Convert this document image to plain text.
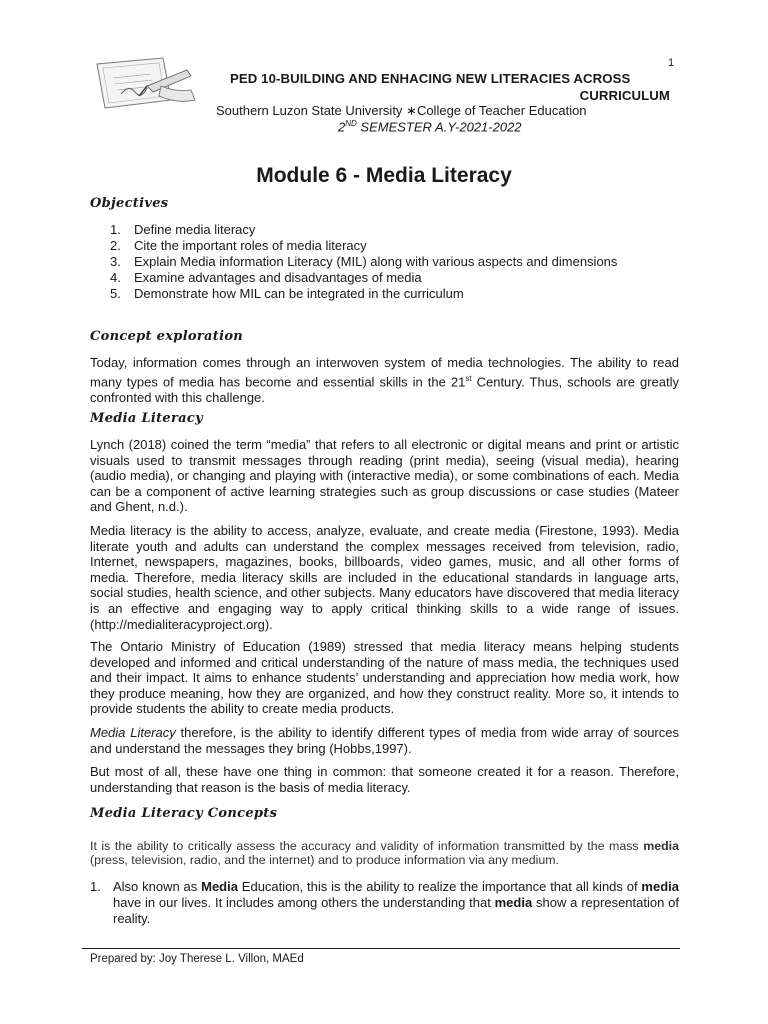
1
PED 10-BUILDING AND ENHACING NEW LITERACIES ACROSS
CURRICULUM
Southern Luzon State University ∗College of Teacher Education
2ND SEMESTER A.Y-2021-2022
Module 6 - Media Literacy
Objectives
1.	Define media literacy
2.	Cite the important roles of media literacy
3.	Explain Media information Literacy (MIL) along with various aspects and dimensions
4.	Examine advantages and disadvantages of media
5.	Demonstrate how MIL can be integrated in the curriculum
Concept exploration

Today, information comes through an interwoven system of media technologies. The ability to read many types of media has become and essential skills in the 21st Century. Thus, schools are greatly confronted with this challenge.

Media Literacy

Lynch (2018) coined the term “media” that refers to all electronic or digital means and print or artistic visuals used to transmit messages through reading (print media), seeing (visual media), hearing (audio media), or changing and playing with (interactive media), or some combinations of each. Media can be a component of active learning strategies such as group discussions or case studies (Mateer and Ghent, n.d.).

Media literacy is the ability to access, analyze, evaluate, and create media (Firestone, 1993). Media literate youth and adults can understand the complex messages received from television, radio, Internet, newspapers, magazines, books, billboards, video games, music, and all other forms of media. Therefore, media literacy skills are included in the educational standards in language arts, social studies, health science, and other subjects. Many educators have discovered that media literacy is an effective and engaging way to apply critical thinking skills to a wide range of issues.(http://medialiteracyproject.org).

The Ontario Ministry of Education (1989) stressed that media literacy means helping students developed and informed and critical understanding of the nature of mass media, the techniques used and their impact. It aims to enhance students’ understanding and appreciation how media work, how they produce meaning, how they are organized, and how they construct reality. More so, it intends to provide students the ability to create media products.

Media Literacy therefore, is the ability to identify different types of media from wide array of sources and understand the messages they bring (Hobbs,1997).

But most of all, these have one thing in common: that someone created it for a reason. Therefore, understanding that reason is the basis of media literacy.

Media Literacy Concepts

It is the ability to critically assess the accuracy and validity of information transmitted by the mass media (press, television, radio, and the internet) and to produce information via any medium.

1. Also known as Media Education, this is the ability to realize the importance that all kinds of media have in our lives. It includes among others the understanding that media show a representation of reality.
Prepared by: Joy Therese L. Villon, MAEd
